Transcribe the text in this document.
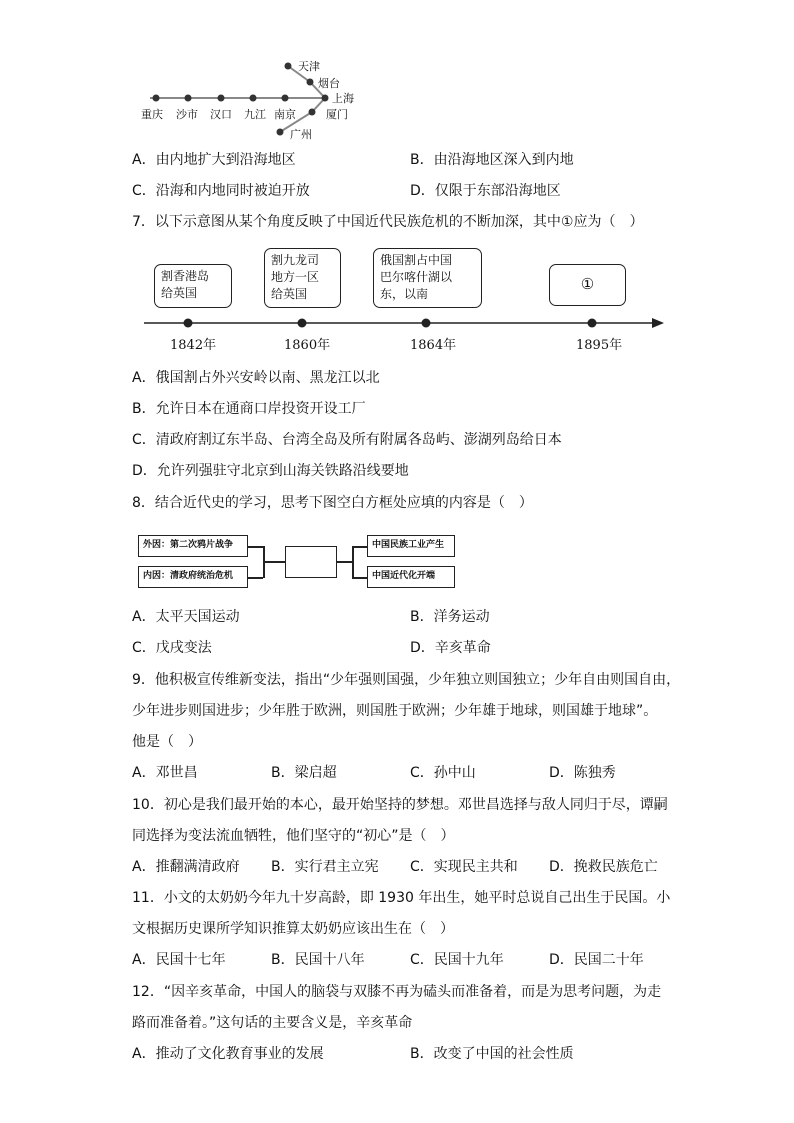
天津
烟台
上海
重庆 沙市 汉口 九江 南京	厦门
广州
A．由内地扩大到沿海地区	B．由沿海地区深入到内地
C．沿海和内地同时被迫开放	D．仅限于东部沿海地区
7．以下示意图从某个角度反映了中国近代民族危机的不断加深，其中①应为（　）
割香港岛
给英国
割九龙司
地方一区
给英国
俄国割占中国
巴尔喀什湖以
东，以南
①
1842年	1860年	1864年	1895年
A．俄国割占外兴安岭以南、黑龙江以北
B．允许日本在通商口岸投资开设工厂
C．清政府割辽东半岛、台湾全岛及所有附属各岛屿、澎湖列岛给日本
D．允许列强驻守北京到山海关铁路沿线要地
8．结合近代史的学习，思考下图空白方框处应填的内容是（　）
外因：第二次鸦片战争
内因：清政府统治危机
中国民族工业产生
中国近代化开端
A．太平天国运动	B．洋务运动
C．戊戌变法	D．辛亥革命
9．他积极宣传维新变法，指出“少年强则国强，少年独立则国独立；少年自由则国自由，
少年进步则国进步；少年胜于欧洲，则国胜于欧洲；少年雄于地球，则国雄于地球”。
他是（　）
A．邓世昌	B．梁启超	C．孙中山	D．陈独秀
10．初心是我们最开始的本心，最开始坚持的梦想。邓世昌选择与敌人同归于尽，谭嗣
同选择为变法流血牺牲，他们坚守的“初心”是（　）
A．推翻满清政府 B．实行君主立宪 C．实现民主共和 D．挽救民族危亡
11．小文的太奶奶今年九十岁高龄，即 1930 年出生，她平时总说自己出生于民国。小
文根据历史课所学知识推算太奶奶应该出生在（　）
A．民国十七年	B．民国十八年	C．民国十九年	D．民国二十年
12．“因辛亥革命，中国人的脑袋与双膝不再为磕头而准备着，而是为思考问题，为走
路而准备着。”这句话的主要含义是，辛亥革命
A．推动了文化教育事业的发展	B．改变了中国的社会性质
